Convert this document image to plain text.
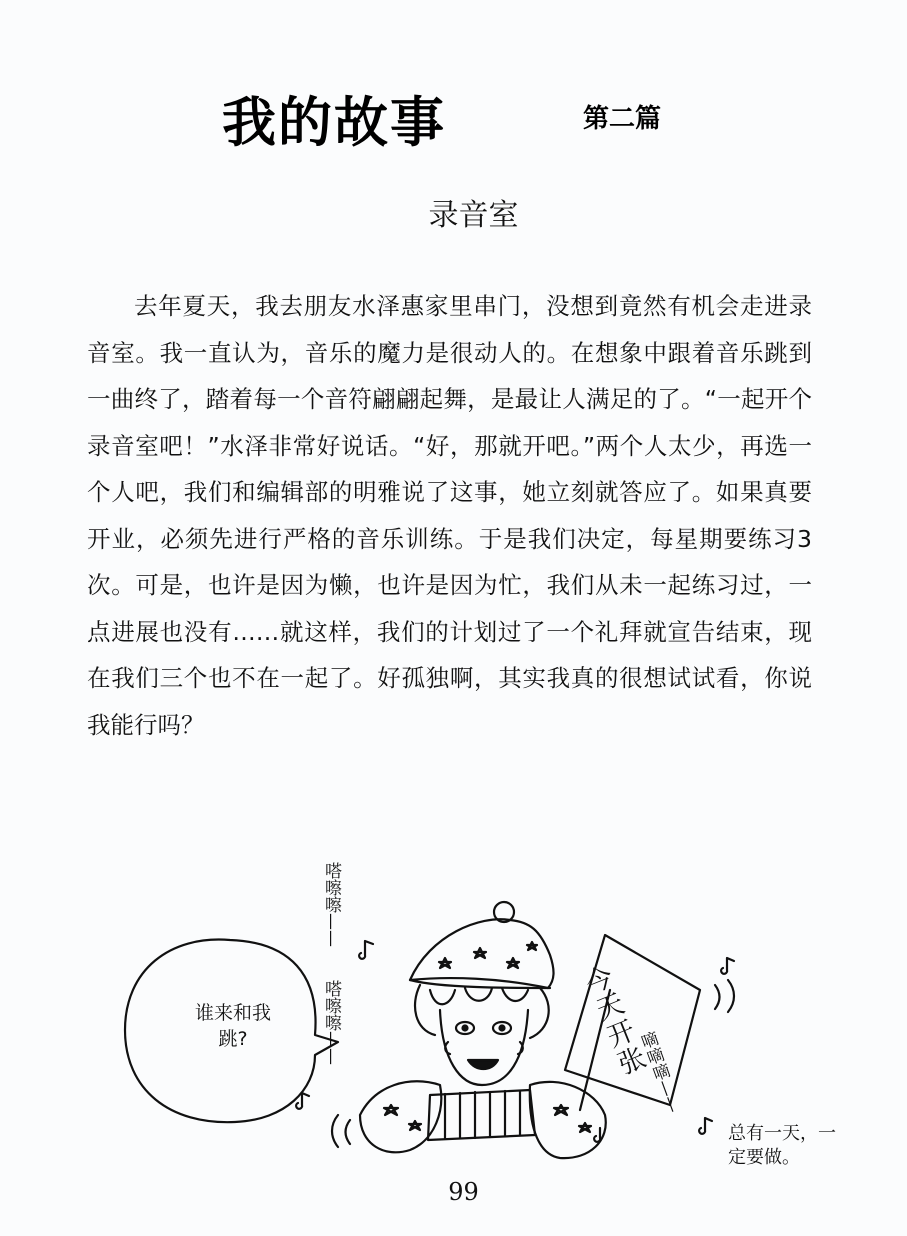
我的故事	第二篇
录音室

去年夏天，我去朋友水泽惠家里串门，没想到竟然有机会走进录音室。我一直认为，音乐的魔力是很动人的。在想象中跟着音乐跳到一曲终了，踏着每一个音符翩翩起舞，是最让人满足的了。“一起开个录音室吧！”水泽非常好说话。“好，那就开吧。”两个人太少，再选一个人吧，我们和编辑部的明雅说了这事，她立刻就答应了。如果真要开业，必须先进行严格的音乐训练。于是我们决定，每星期要练习3次。可是，也许是因为懒，也许是因为忙，我们从未一起练习过，一点进展也没有……就这样，我们的计划过了一个礼拜就宣告结束，现在我们三个也不在一起了。好孤独啊，其实我真的很想试试看，你说我能行吗？

谁来和我跳?
嗒嚓嚓——
嗒嚓嚓——	今天开张
嘀嘀嘀——
总有一天，一定要做。
99
